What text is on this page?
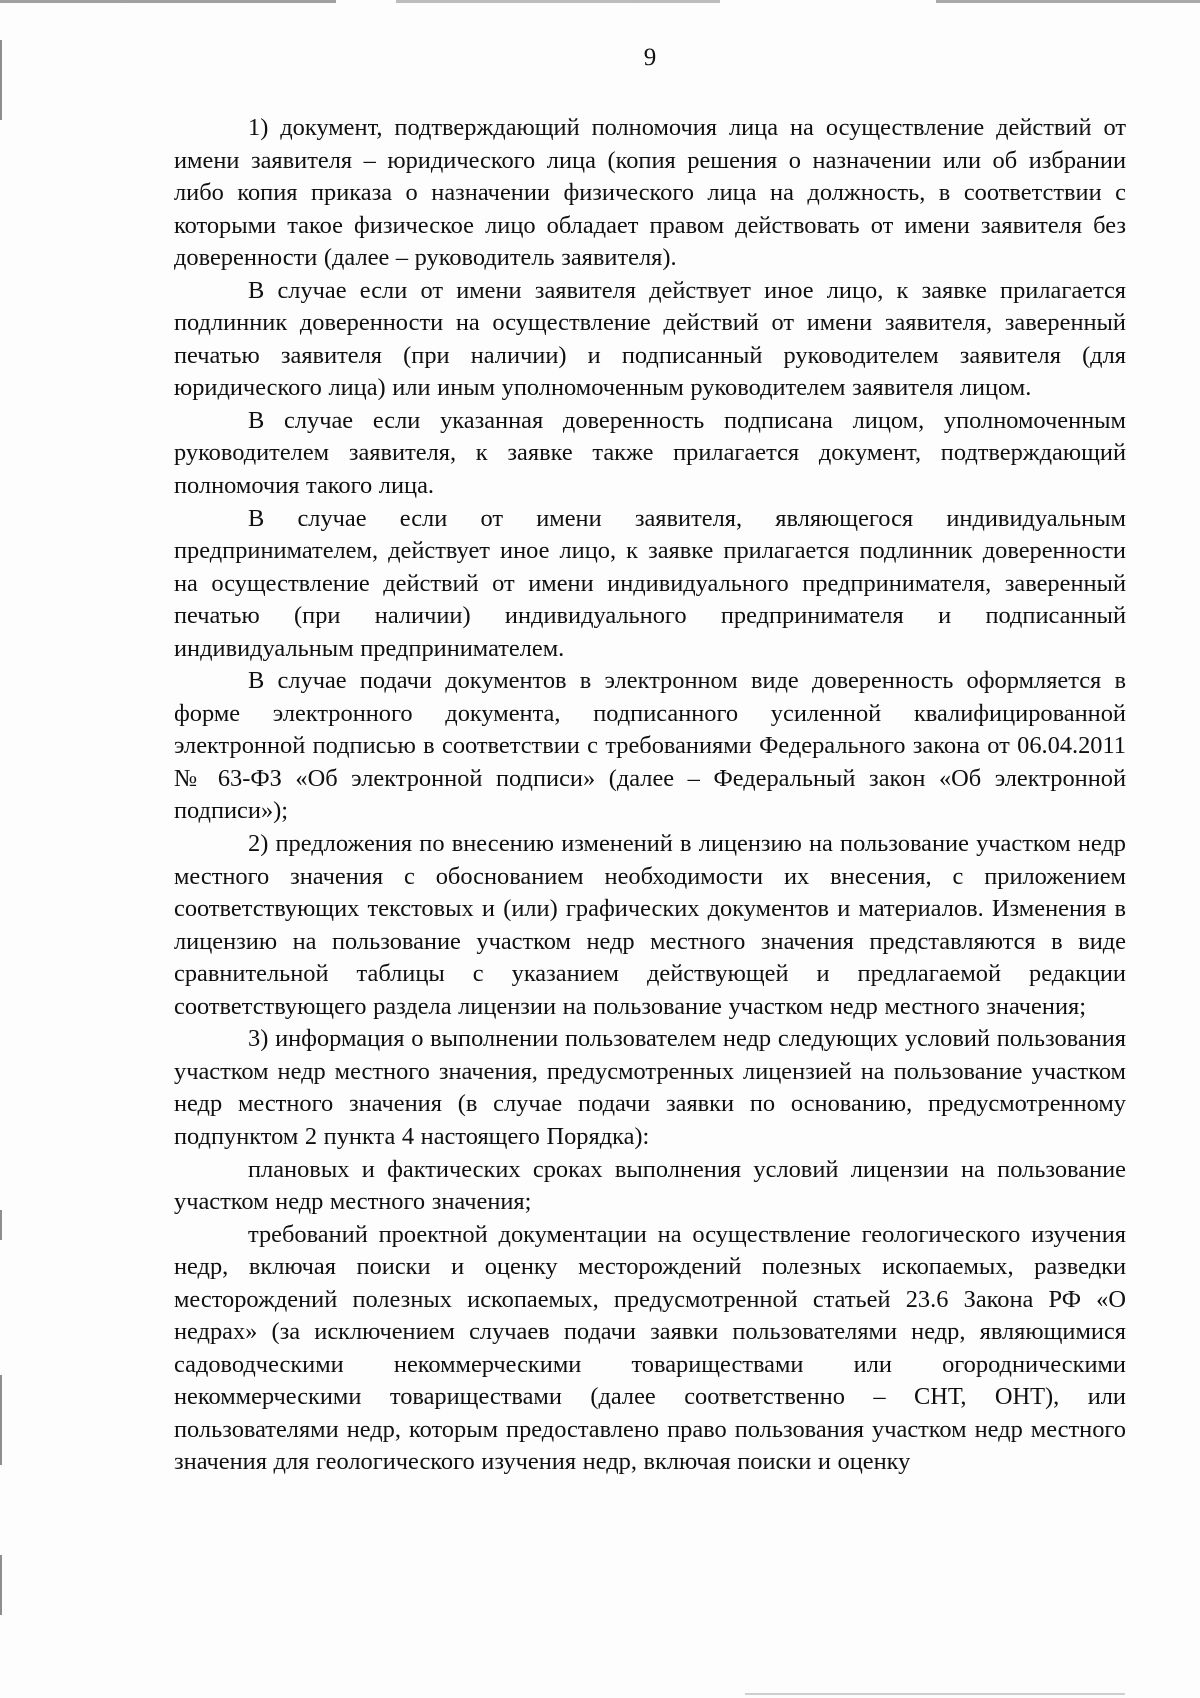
9

1) документ, подтверждающий полномочия лица на осуществление действий от имени заявителя – юридического лица (копия решения о назначении или об избрании либо копия приказа о назначении физического лица на должность, в соответствии с которыми такое физическое лицо обладает правом действовать от имени заявителя без доверенности (далее – руководитель заявителя).

В случае если от имени заявителя действует иное лицо, к заявке прилагается подлинник доверенности на осуществление действий от имени заявителя, заверенный печатью заявителя (при наличии) и подписанный руководителем заявителя (для юридического лица) или иным уполномоченным руководителем заявителя лицом.

В случае если указанная доверенность подписана лицом, уполномоченным руководителем заявителя, к заявке также прилагается документ, подтверждающий полномочия такого лица.

В случае если от имени заявителя, являющегося индивидуальным предпринимателем, действует иное лицо, к заявке прилагается подлинник доверенности на осуществление действий от имени индивидуального предпринимателя, заверенный печатью (при наличии) индивидуального предпринимателя и подписанный индивидуальным предпринимателем.

В случае подачи документов в электронном виде доверенность оформляется в форме электронного документа, подписанного усиленной квалифицированной электронной подписью в соответствии с требованиями Федерального закона от 06.04.2011 № 63-ФЗ «Об электронной подписи» (далее – Федеральный закон «Об электронной подписи»);

2) предложения по внесению изменений в лицензию на пользование участком недр местного значения с обоснованием необходимости их внесения, с приложением соответствующих текстовых и (или) графических документов и материалов. Изменения в лицензию на пользование участком недр местного значения представляются в виде сравнительной таблицы с указанием действующей и предлагаемой редакции соответствующего раздела лицензии на пользование участком недр местного значения;

3) информация о выполнении пользователем недр следующих условий пользования участком недр местного значения, предусмотренных лицензией на пользование участком недр местного значения (в случае подачи заявки по основанию, предусмотренному подпунктом 2 пункта 4 настоящего Порядка):

плановых и фактических сроках выполнения условий лицензии на пользование участком недр местного значения;

требований проектной документации на осуществление геологического изучения недр, включая поиски и оценку месторождений полезных ископаемых, разведки месторождений полезных ископаемых, предусмотренной статьей 23.6 Закона РФ «О недрах» (за исключением случаев подачи заявки пользователями недр, являющимися садоводческими некоммерческими товариществами или огородническими некоммерческими товариществами (далее соответственно – СНТ, ОНТ), или пользователями недр, которым предоставлено право пользования участком недр местного значения для геологического изучения недр, включая поиски и оценку
